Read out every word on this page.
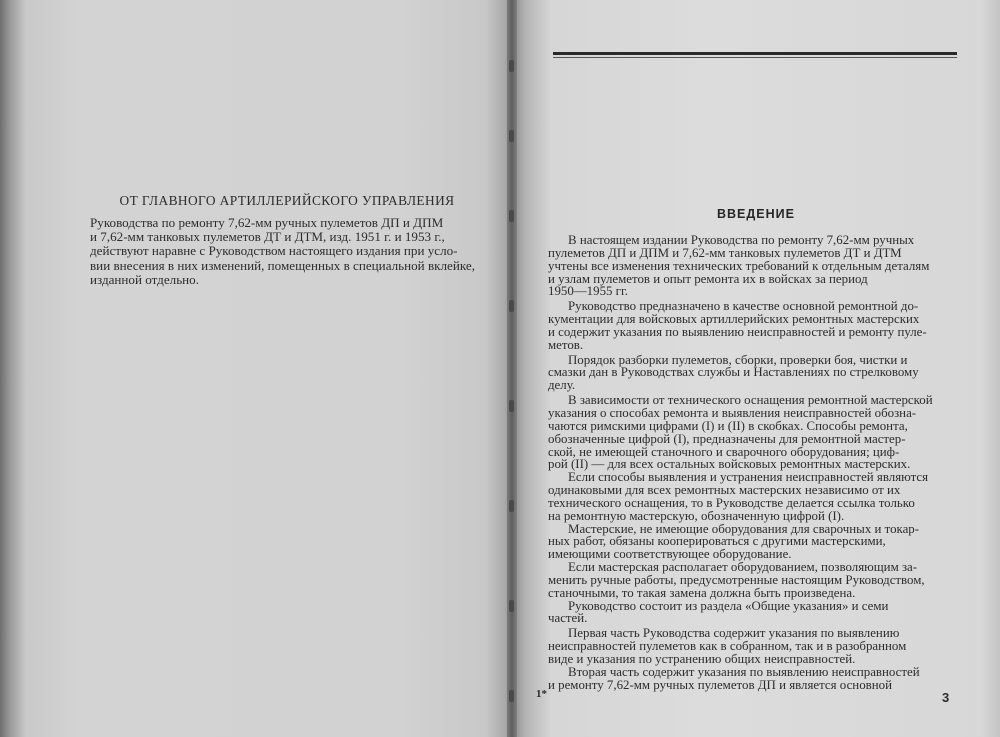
ОТ ГЛАВНОГО АРТИЛЛЕРИЙСКОГО УПРАВЛЕНИЯ
Руководства по ремонту 7,62-мм ручных пулеметов ДП и ДПМ
и 7,62-мм танковых пулеметов ДТ и ДТМ, изд. 1951 г. и 1953 г.,
действуют наравне с Руководством настоящего издания при усло-
вии внесения в них изменений, помещенных в специальной вклейке,
изданной отдельно.
ВВЕДЕНИЕ
В настоящем издании Руководства по ремонту 7,62-мм ручных
пулеметов ДП и ДПМ и 7,62-мм танковых пулеметов ДТ и ДТМ
учтены все изменения технических требований к отдельным деталям
и узлам пулеметов и опыт ремонта их в войсках за период
1950—1955 гг.
Руководство предназначено в качестве основной ремонтной до-
кументации для войсковых артиллерийских ремонтных мастерских
и содержит указания по выявлению неисправностей и ремонту пуле-
метов.
Порядок разборки пулеметов, сборки, проверки боя, чистки и
смазки дан в Руководствах службы и Наставлениях по стрелковому
делу.
В зависимости от технического оснащения ремонтной мастерской
указания о способах ремонта и выявления неисправностей обозна-
чаются римскими цифрами (I) и (II) в скобках. Способы ремонта,
обозначенные цифрой (I), предназначены для ремонтной мастер-
ской, не имеющей станочного и сварочного оборудования; циф-
рой (II) — для всех остальных войсковых ремонтных мастерских.
Если способы выявления и устранения неисправностей являются
одинаковыми для всех ремонтных мастерских независимо от их
технического оснащения, то в Руководстве делается ссылка только
на ремонтную мастерскую, обозначенную цифрой (I).
Мастерские, не имеющие оборудования для сварочных и токар-
ных работ, обязаны кооперироваться с другими мастерскими,
имеющими соответствующее оборудование.
Если мастерская располагает оборудованием, позволяющим за-
менить ручные работы, предусмотренные настоящим Руководством,
станочными, то такая замена должна быть произведена.
Руководство состоит из раздела «Общие указания» и семи
частей.
Первая часть Руководства содержит указания по выявлению
неисправностей пулеметов как в собранном, так и в разобранном
виде и указания по устранению общих неисправностей.
Вторая часть содержит указания по выявлению неисправностей
и ремонту 7,62-мм ручных пулеметов ДП и является основной
1*	3
